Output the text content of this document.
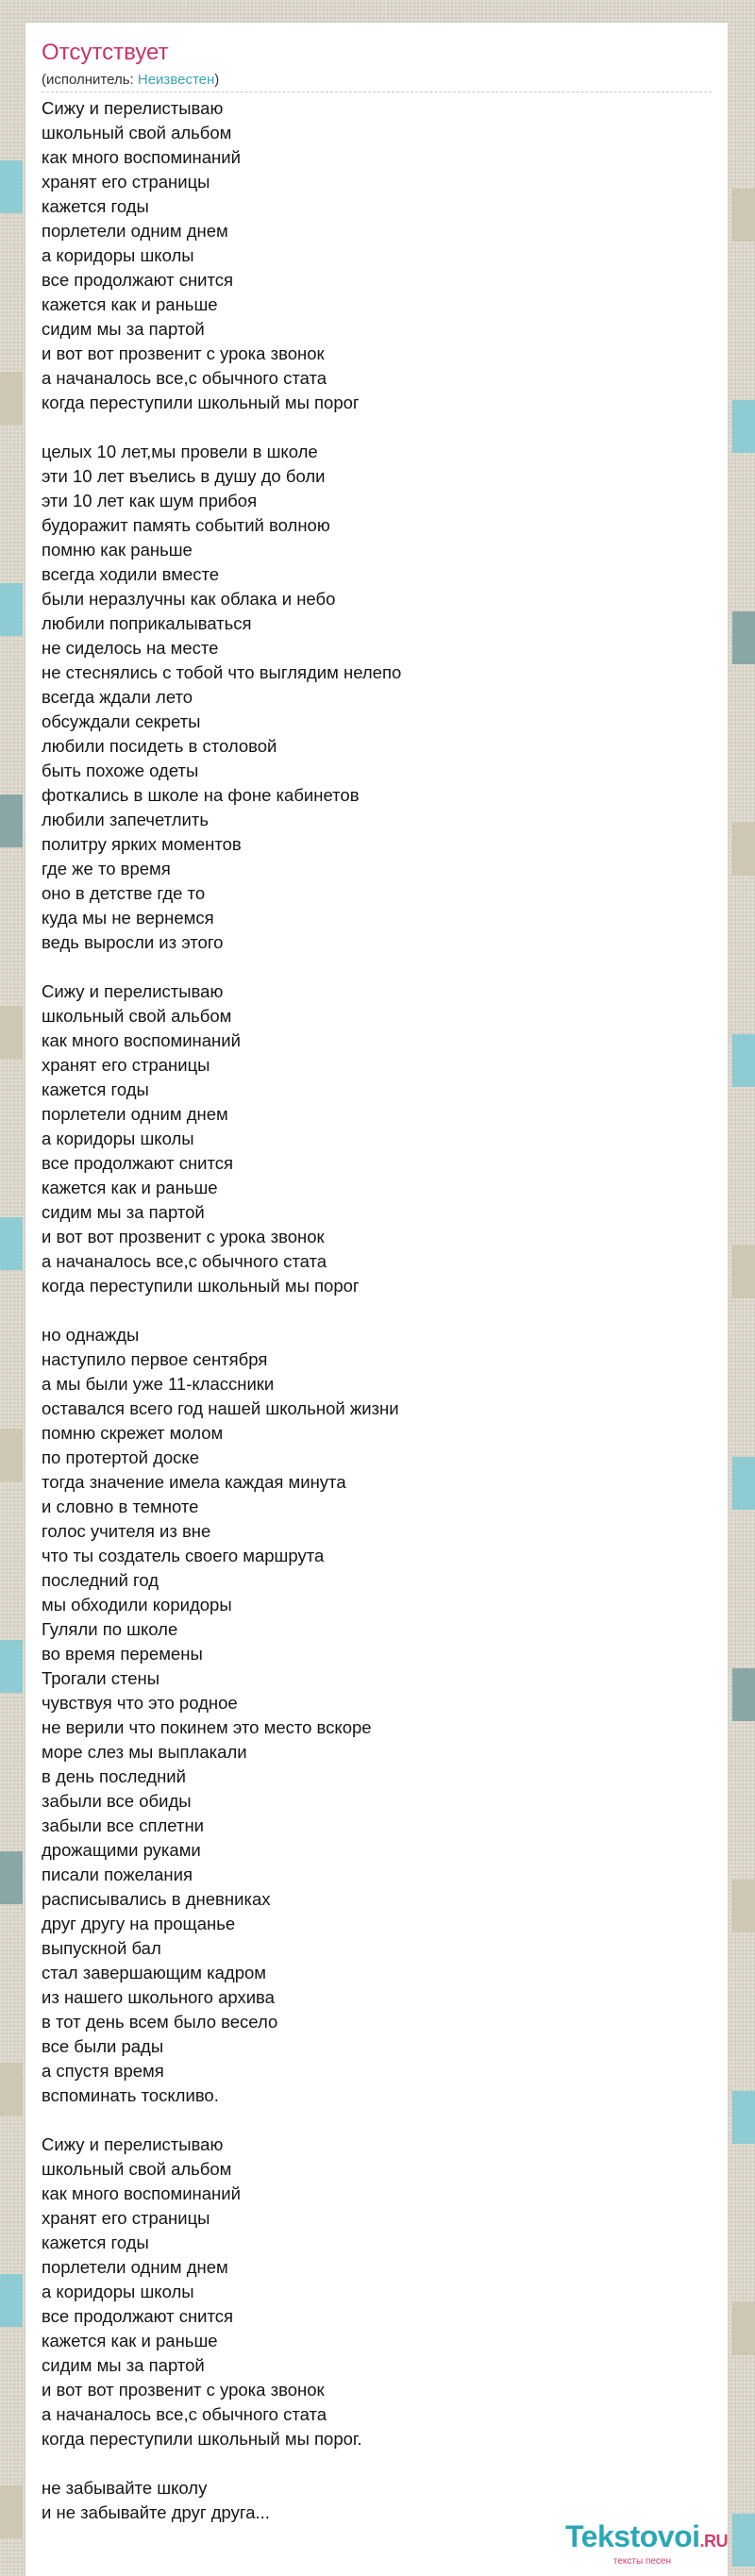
Отсутствует
(исполнитель: Неизвестен)
Сижу и перелистываю
школьный свой альбом
как много воспоминаний
хранят его страницы
кажется годы
порлетели одним днем
а коридоры школы
все продолжают снится
кажется как и раньше
сидим мы за партой
и вот вот прозвенит с урока звонок
а начаналось все,с обычного стата
когда переступили школьный мы порог
целых 10 лет,мы провели в школе
эти 10 лет въелись в душу до боли
эти 10 лет как шум прибоя
будоражит память событий волною
помню как раньше
всегда ходили вместе
были неразлучны как облака и небо
любили поприкалываться
не сиделось на месте
не стеснялись с тобой что выглядим нелепо
всегда ждали лето
обсуждали секреты
любили посидеть в столовой
быть похоже одеты
фоткались в школе на фоне кабинетов
любили запечетлить
политру ярких моментов
где же то время
оно в детстве где то
куда мы не вернемся
ведь выросли из этого
Сижу и перелистываю
школьный свой альбом
как много воспоминаний
хранят его страницы
кажется годы
порлетели одним днем
а коридоры школы
все продолжают снится
кажется как и раньше
сидим мы за партой
и вот вот прозвенит с урока звонок
а начаналось все,с обычного стата
когда переступили школьный мы порог
но однажды
наступило первое сентября
а мы были уже 11-классники
оставался всего год нашей школьной жизни
помню скрежет молом
по протертой доске
тогда значение имела каждая минута
и словно в темноте
голос учителя из вне
что ты создатель своего маршрута
последний год
мы обходили коридоры
Гуляли по школе
во время перемены
Трогали стены
чувствуя что это родное
не верили что покинем это место вскоре
море слез мы выплакали
в день последний
забыли все обиды
забыли все сплетни
дрожащими руками
писали пожелания
расписывались в дневниках
друг другу на прощанье
выпускной бал
стал завершающим кадром
из нашего школьного архива
в тот день всем было весело
все были рады
а спустя время
вспоминать тоскливо.
Сижу и перелистываю
школьный свой альбом
как много воспоминаний
хранят его страницы
кажется годы
порлетели одним днем
а коридоры школы
все продолжают снится
кажется как и раньше
сидим мы за партой
и вот вот прозвенит с урока звонок
а начаналось все,с обычного стата
когда переступили школьный мы порог.
не забывайте школу
и не забывайте друг друга...
Tekstovoi.RU
тексты песен
